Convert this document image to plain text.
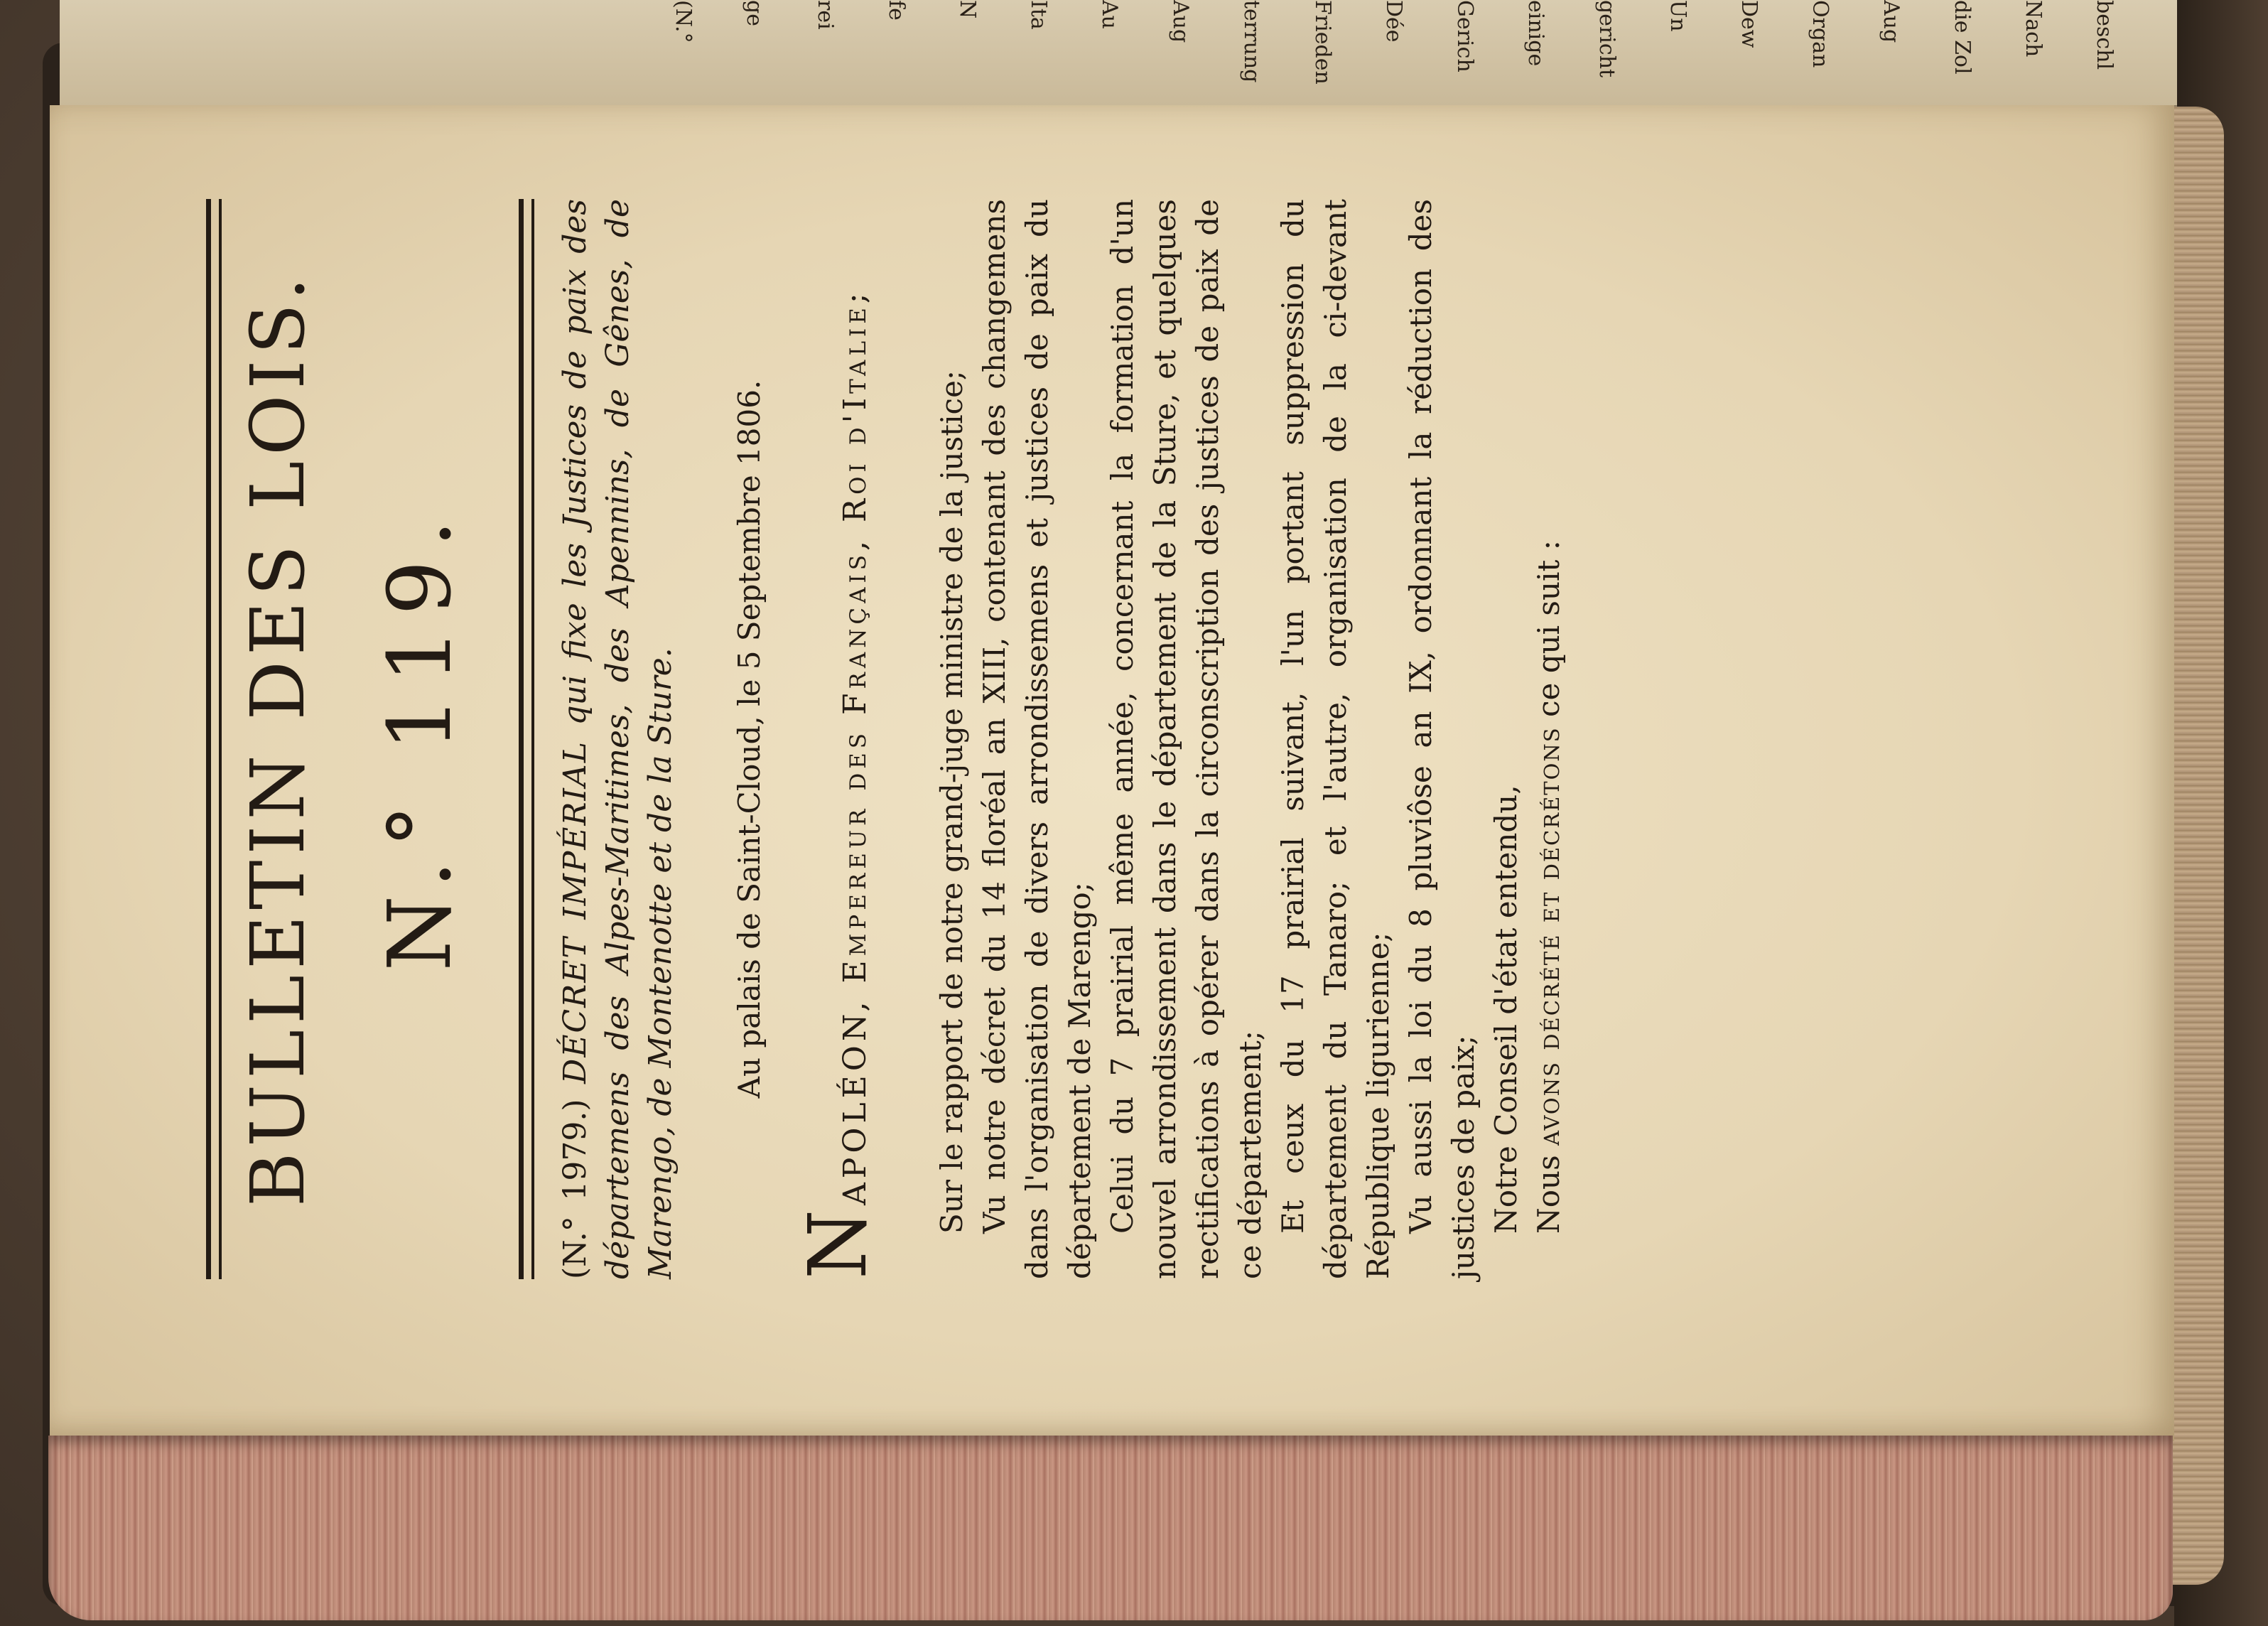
(N.° ge rei fe N Ita Au Aug terrung Frieden Dée Gerich einige gericht Un Dew Organ Aug die Zol Nach beschl
BULLETIN DES LOIS. N.° 119.
(N.° 1979.) DÉCRET IMPÉRIAL qui fixe les Justices de paix des départemens des Alpes-Maritimes, des Apennins, de Gênes, de Marengo, de Montenotte et de la Sture. Au palais de Saint-Cloud, le 5 Septembre 1806.
NAPOLÉON, Empereur des Français, Roi d'Italie; Sur le rapport de notre grand-juge ministre de la justice; Vu notre décret du 14 floréal an XIII, contenant des changemens dans l'organisation de divers arrondissemens et justices de paix du département de Marengo; Celui du 7 prairial même année, concernant la formation d'un nouvel arrondissement dans le département de la Sture, et quelques rectifications à opérer dans la circonscription des justices de paix de ce département; Et ceux du 17 prairial suivant, l'un portant suppression du département du Tanaro; et l'autre, organisation de la ci-devant République ligurienne; Vu aussi la loi du 8 pluviôse an IX, ordonnant la réduction des justices de paix; Notre Conseil d'état entendu, Nous avons décrété et décrétons ce qui suit :
